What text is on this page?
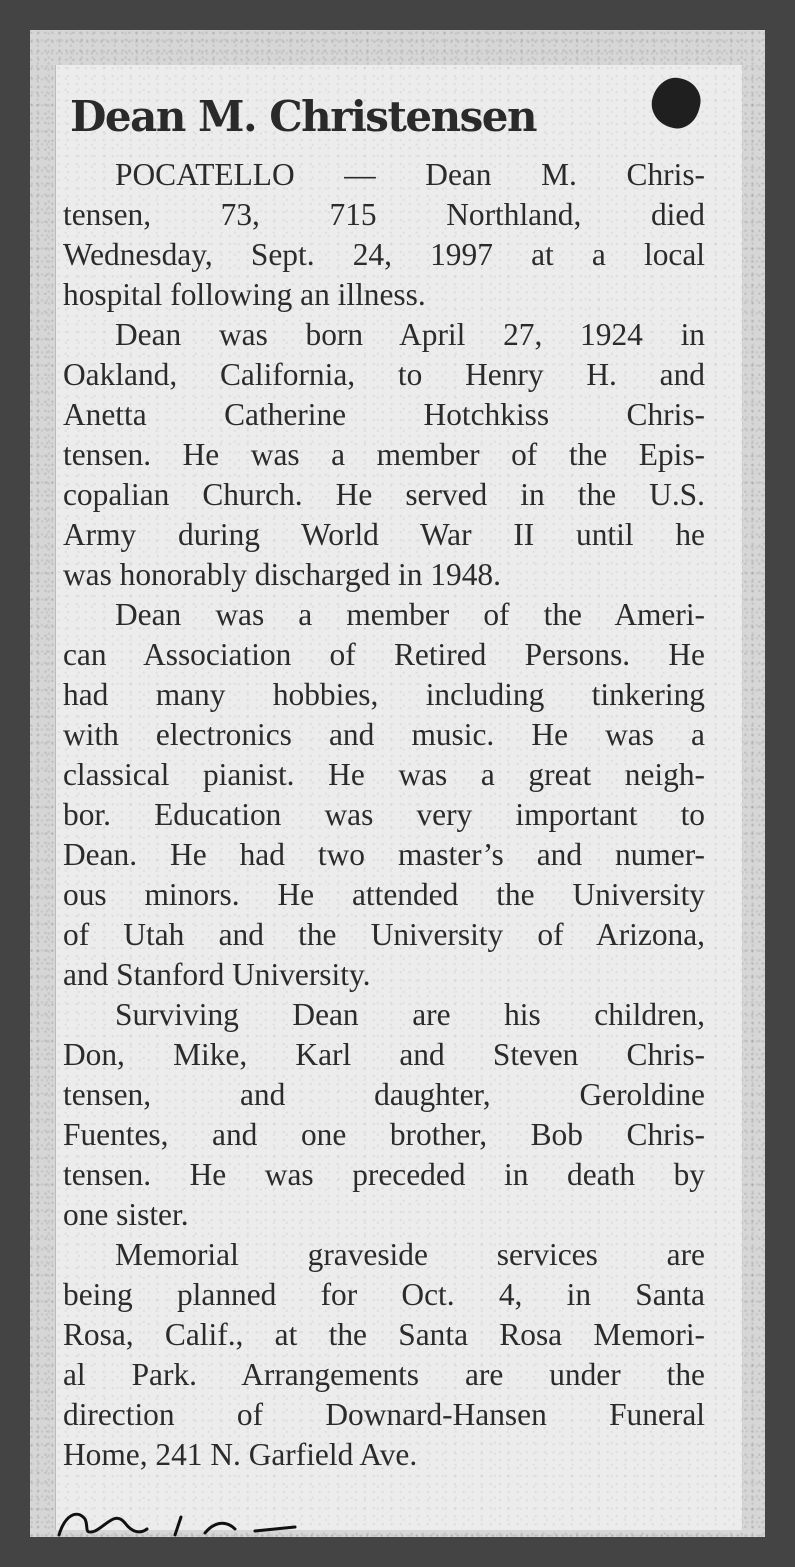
Dean M. Christensen
POCATELLO — Dean M. Chris-
tensen, 73, 715 Northland, died
Wednesday, Sept. 24, 1997 at a local
hospital following an illness.
Dean was born April 27, 1924 in
Oakland, California, to Henry H. and
Anetta Catherine Hotchkiss Chris-
tensen. He was a member of the Epis-
copalian Church. He served in the U.S.
Army during World War II until he
was honorably discharged in 1948.
Dean was a member of the Ameri-
can Association of Retired Persons. He
had many hobbies, including tinkering
with electronics and music. He was a
classical pianist. He was a great neigh-
bor. Education was very important to
Dean. He had two master’s and numer-
ous minors. He attended the University
of Utah and the University of Arizona,
and Stanford University.
Surviving Dean are his children,
Don, Mike, Karl and Steven Chris-
tensen, and daughter, Geroldine
Fuentes, and one brother, Bob Chris-
tensen. He was preceded in death by
one sister.
Memorial graveside services are
being planned for Oct. 4, in Santa
Rosa, Calif., at the Santa Rosa Memori-
al Park. Arrangements are under the
direction of Downard-Hansen Funeral
Home, 241 N. Garfield Ave.
